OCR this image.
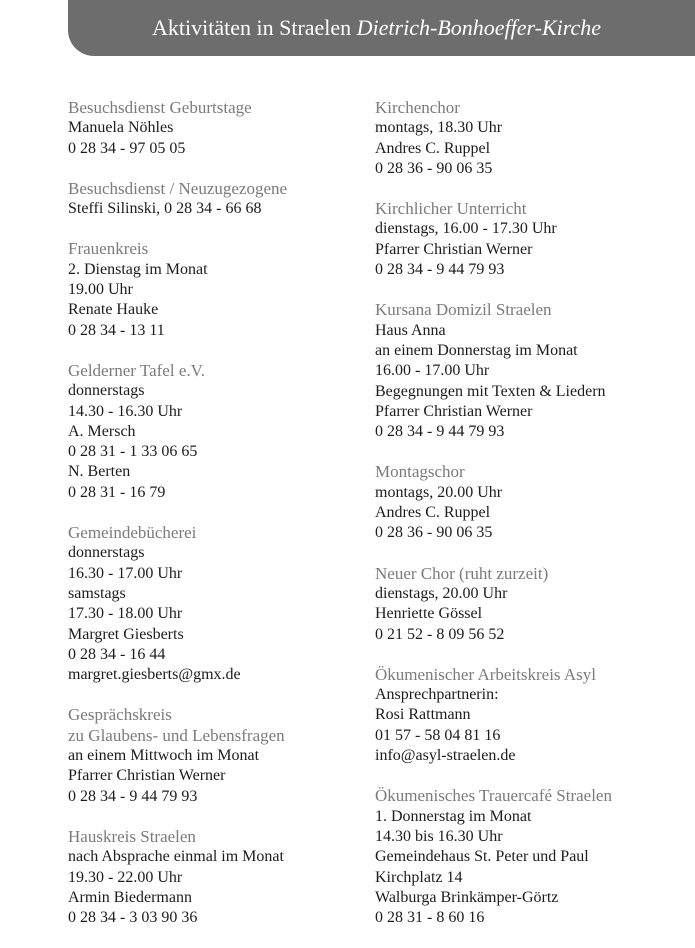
Aktivitäten in Straelen Dietrich-Bonhoeffer-Kirche
Besuchsdienst Geburtstage
Manuela Nöhles
0 28 34 - 97 05 05
Besuchsdienst / Neuzugezogene
Steffi Silinski, 0 28 34 - 66 68
Frauenkreis
2. Dienstag im Monat
19.00 Uhr
Renate Hauke
0 28 34 - 13 11
Gelderner Tafel e.V.
donnerstags
14.30 - 16.30 Uhr
A. Mersch
0 28 31 - 1 33 06 65
N. Berten
0 28 31 - 16 79
Gemeindebücherei
donnerstags
16.30 - 17.00 Uhr
samstags
17.30 - 18.00 Uhr
Margret Giesberts
0 28 34 - 16 44
margret.giesberts@gmx.de
Gesprächskreis
zu Glaubens- und Lebensfragen
an einem Mittwoch im Monat
Pfarrer Christian Werner
0 28 34 - 9 44 79 93
Hauskreis Straelen
nach Absprache einmal im Monat
19.30 - 22.00 Uhr
Armin Biedermann
0 28 34 - 3 03 90 36
Kirchenchor
montags, 18.30 Uhr
Andres C. Ruppel
0 28 36 - 90 06 35
Kirchlicher Unterricht
dienstags, 16.00 - 17.30 Uhr
Pfarrer Christian Werner
0 28 34 - 9 44 79 93
Kursana Domizil Straelen
Haus Anna
an einem Donnerstag im Monat
16.00 - 17.00 Uhr
Begegnungen mit Texten & Liedern
Pfarrer Christian Werner
0 28 34 - 9 44 79 93
Montagschor
montags, 20.00 Uhr
Andres C. Ruppel
0 28 36 - 90 06 35
Neuer Chor (ruht zurzeit)
dienstags, 20.00 Uhr
Henriette Gössel
0 21 52 - 8 09 56 52
Ökumenischer Arbeitskreis Asyl
Ansprechpartnerin:
Rosi Rattmann
01 57 - 58 04 81 16
info@asyl-straelen.de
Ökumenisches Trauercafé Straelen
1. Donnerstag im Monat
14.30 bis 16.30 Uhr
Gemeindehaus St. Peter und Paul
Kirchplatz 14
Walburga Brinkämper-Görtz
0 28 31 - 8 60 16
